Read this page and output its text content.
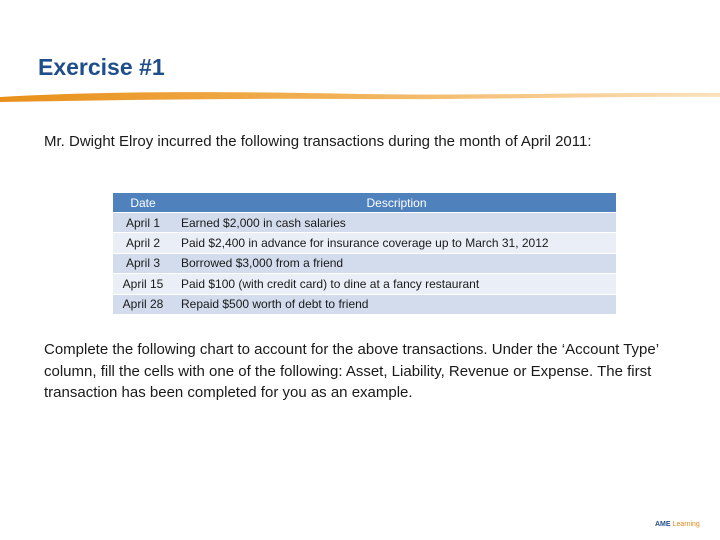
Exercise #1
Mr. Dwight Elroy incurred the following transactions during the month of April 2011:
Date	Description
April 1	Earned $2,000 in cash salaries
April 2	Paid $2,400 in advance for insurance coverage up to March 31, 2012
April 3	Borrowed $3,000 from a friend
April 15	Paid $100 (with credit card) to dine at a fancy restaurant
April 28	Repaid $500 worth of debt to friend
Complete the following chart to account for the above transactions. Under the ‘Account Type’ column, fill the cells with one of the following: Asset, Liability, Revenue or Expense. The first transaction has been completed for you as an example.
AME Learning
